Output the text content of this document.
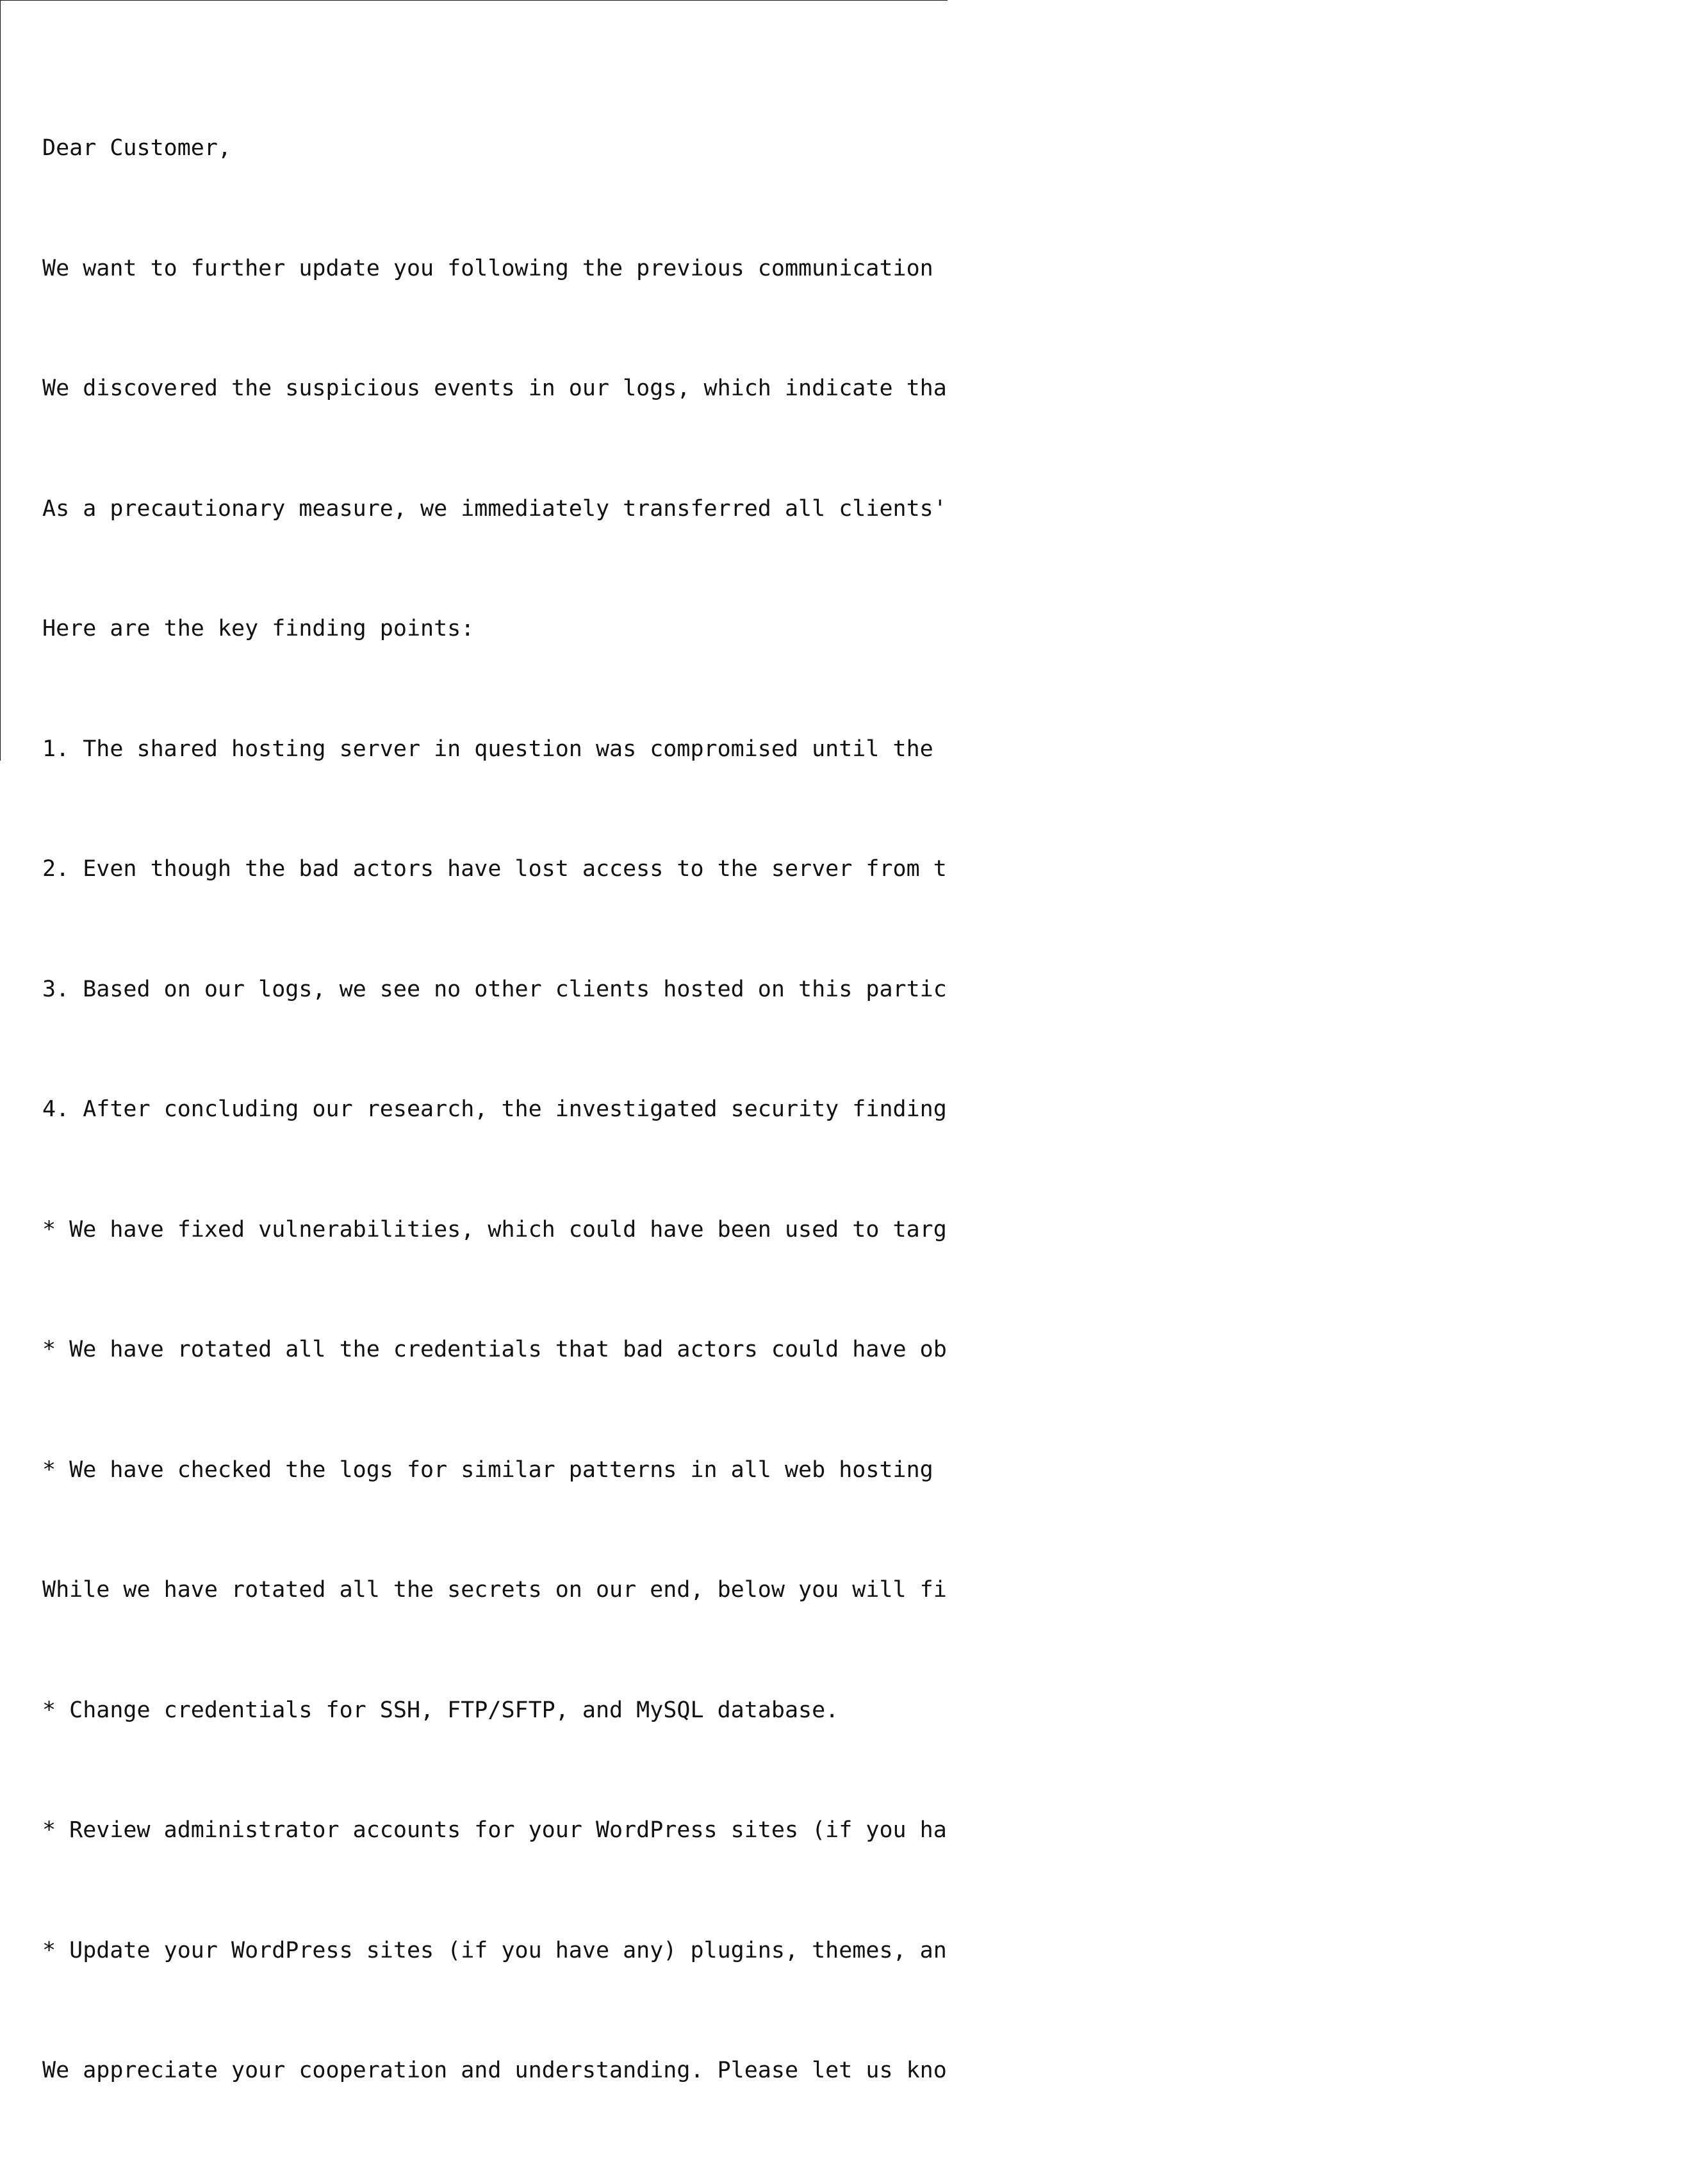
Dear Customer,

We want to further update you following the previous communication

We discovered the suspicious events in our logs, which indicate tha

As a precautionary measure, we immediately transferred all clients'

Here are the key finding points:

1. The shared hosting server in question was compromised until the

2. Even though the bad actors have lost access to the server from t

3. Based on our logs, we see no other clients hosted on this partic

4. After concluding our research, the investigated security finding

* We have fixed vulnerabilities, which could have been used to targ

* We have rotated all the credentials that bad actors could have ob

* We have checked the logs for similar patterns in all web hosting

While we have rotated all the secrets on our end, below you will fi

* Change credentials for SSH, FTP/SFTP, and MySQL database.

* Review administrator accounts for your WordPress sites (if you ha

* Update your WordPress sites (if you have any) plugins, themes, an

We appreciate your cooperation and understanding. Please let us kno
